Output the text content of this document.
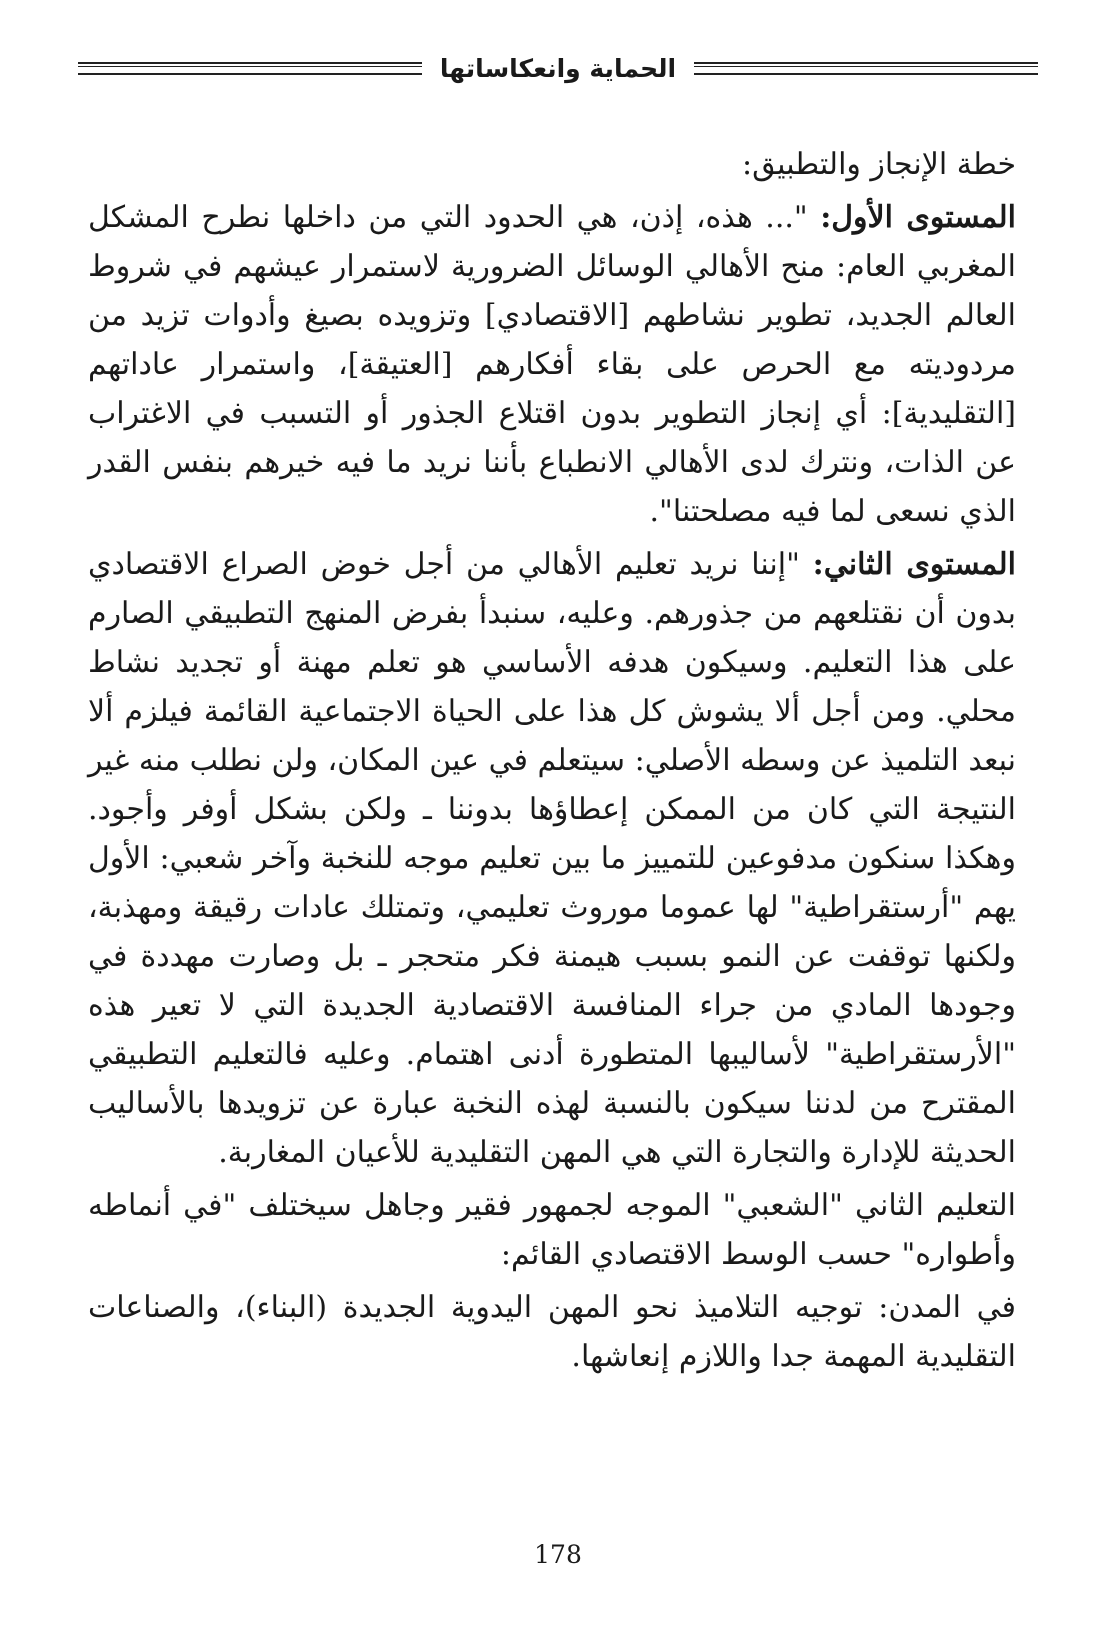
الحماية وانعكاساتها

خطة الإنجاز والتطبيق:

المستوى الأول: "... هذه، إذن، هي الحدود التي من داخلها نطرح المشكل المغربي العام: منح الأهالي الوسائل الضرورية لاستمرار عيشهم في شروط العالم الجديد، تطوير نشاطهم [الاقتصادي] وتزويده بصيغ وأدوات تزيد من مردوديته مع الحرص على بقاء أفكارهم [العتيقة]، واستمرار عاداتهم [التقليدية]: أي إنجاز التطوير بدون اقتلاع الجذور أو التسبب في الاغتراب عن الذات، ونترك لدى الأهالي الانطباع بأننا نريد ما فيه خيرهم بنفس القدر الذي نسعى لما فيه مصلحتنا".

المستوى الثاني: "إننا نريد تعليم الأهالي من أجل خوض الصراع الاقتصادي بدون أن نقتلعهم من جذورهم. وعليه، سنبدأ بفرض المنهج التطبيقي الصارم على هذا التعليم. وسيكون هدفه الأساسي هو تعلم مهنة أو تجديد نشاط محلي. ومن أجل ألا يشوش كل هذا على الحياة الاجتماعية القائمة فيلزم ألا نبعد التلميذ عن وسطه الأصلي: سيتعلم في عين المكان، ولن نطلب منه غير النتيجة التي كان من الممكن إعطاؤها بدوننا ـ ولكن بشكل أوفر وأجود. وهكذا سنكون مدفوعين للتمييز ما بين تعليم موجه للنخبة وآخر شعبي: الأول يهم "أرستقراطية" لها عموما موروث تعليمي، وتمتلك عادات رقيقة ومهذبة، ولكنها توقفت عن النمو بسبب هيمنة فكر متحجر ـ بل وصارت مهددة في وجودها المادي من جراء المنافسة الاقتصادية الجديدة التي لا تعير هذه "الأرستقراطية" لأساليبها المتطورة أدنى اهتمام. وعليه فالتعليم التطبيقي المقترح من لدننا سيكون بالنسبة لهذه النخبة عبارة عن تزويدها بالأساليب الحديثة للإدارة والتجارة التي هي المهن التقليدية للأعيان المغاربة.

التعليم الثاني "الشعبي" الموجه لجمهور فقير وجاهل سيختلف "في أنماطه وأطواره" حسب الوسط الاقتصادي القائم:

في المدن: توجيه التلاميذ نحو المهن اليدوية الجديدة (البناء)، والصناعات التقليدية المهمة جدا واللازم إنعاشها.

178
